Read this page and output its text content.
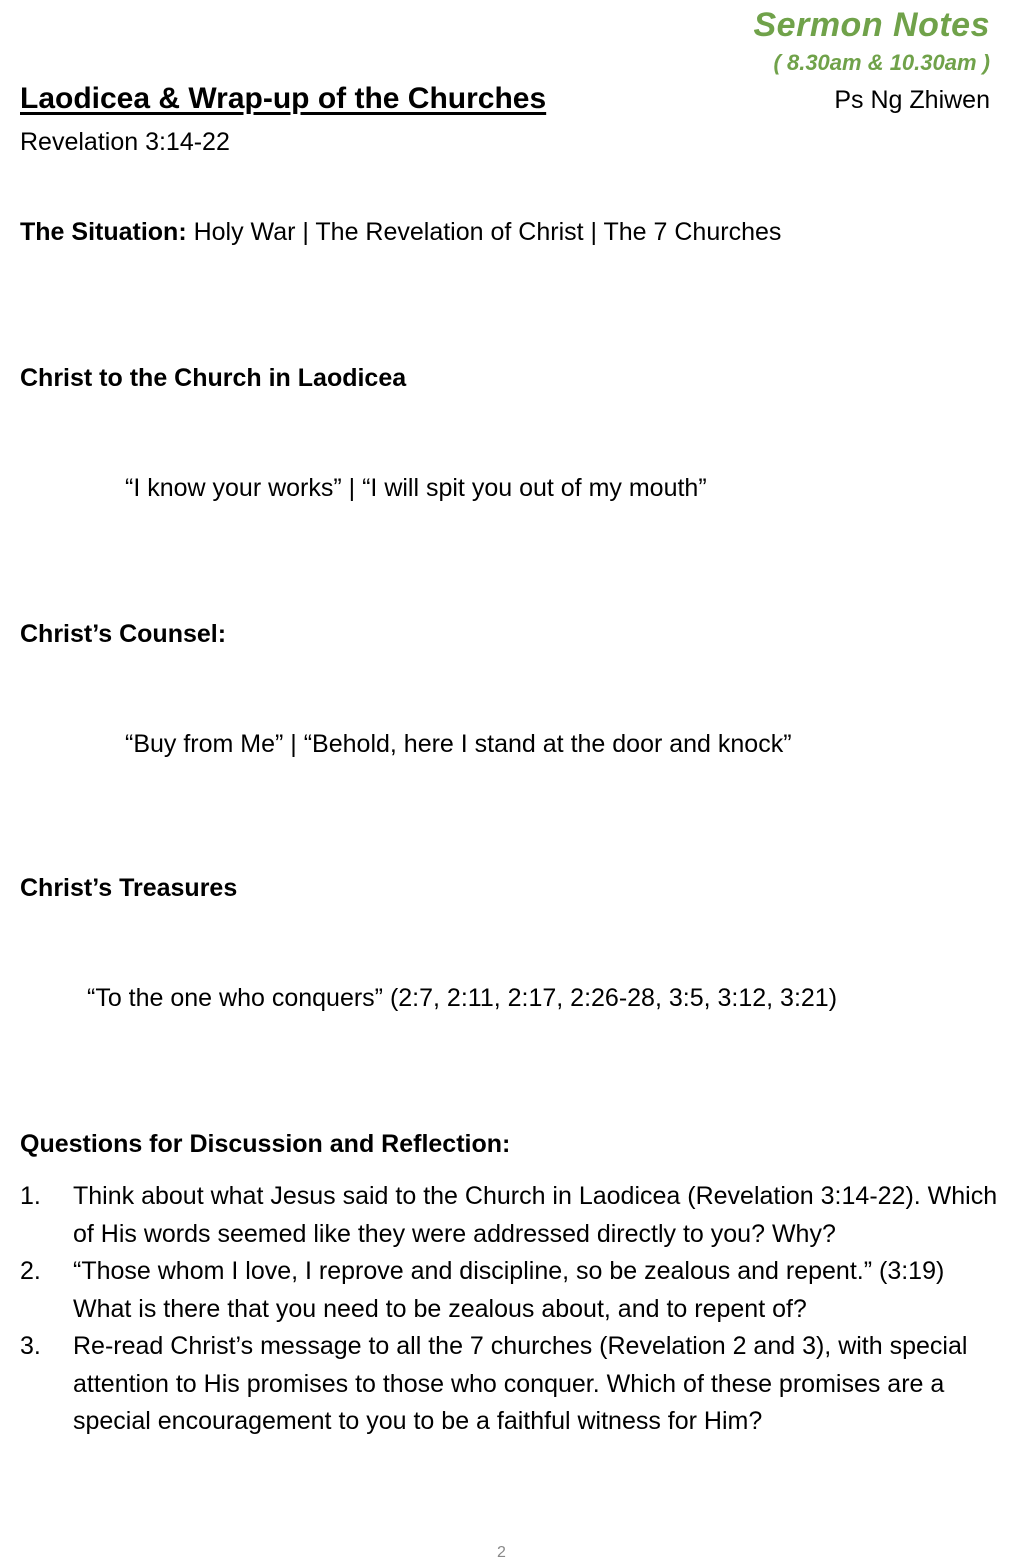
Sermon Notes
( 8.30am & 10.30am )
Ps Ng Zhiwen
Laodicea & Wrap-up of the Churches
Revelation 3:14-22
The Situation: Holy War | The Revelation of Christ | The 7 Churches
Christ to the Church in Laodicea
“I know your works” | “I will spit you out of my mouth”
Christ’s Counsel:
“Buy from Me” | “Behold, here I stand at the door and knock”
Christ’s Treasures
“To the one who conquers” (2:7, 2:11, 2:17, 2:26-28, 3:5, 3:12, 3:21)
Questions for Discussion and Reflection:
1. Think about what Jesus said to the Church in Laodicea (Revelation 3:14-22). Which of His words seemed like they were addressed directly to you? Why?
2. “Those whom I love, I reprove and discipline, so be zealous and repent.” (3:19) What is there that you need to be zealous about, and to repent of?
3. Re-read Christ’s message to all the 7 churches (Revelation 2 and 3), with special attention to His promises to those who conquer. Which of these promises are a special encouragement to you to be a faithful witness for Him?
2
